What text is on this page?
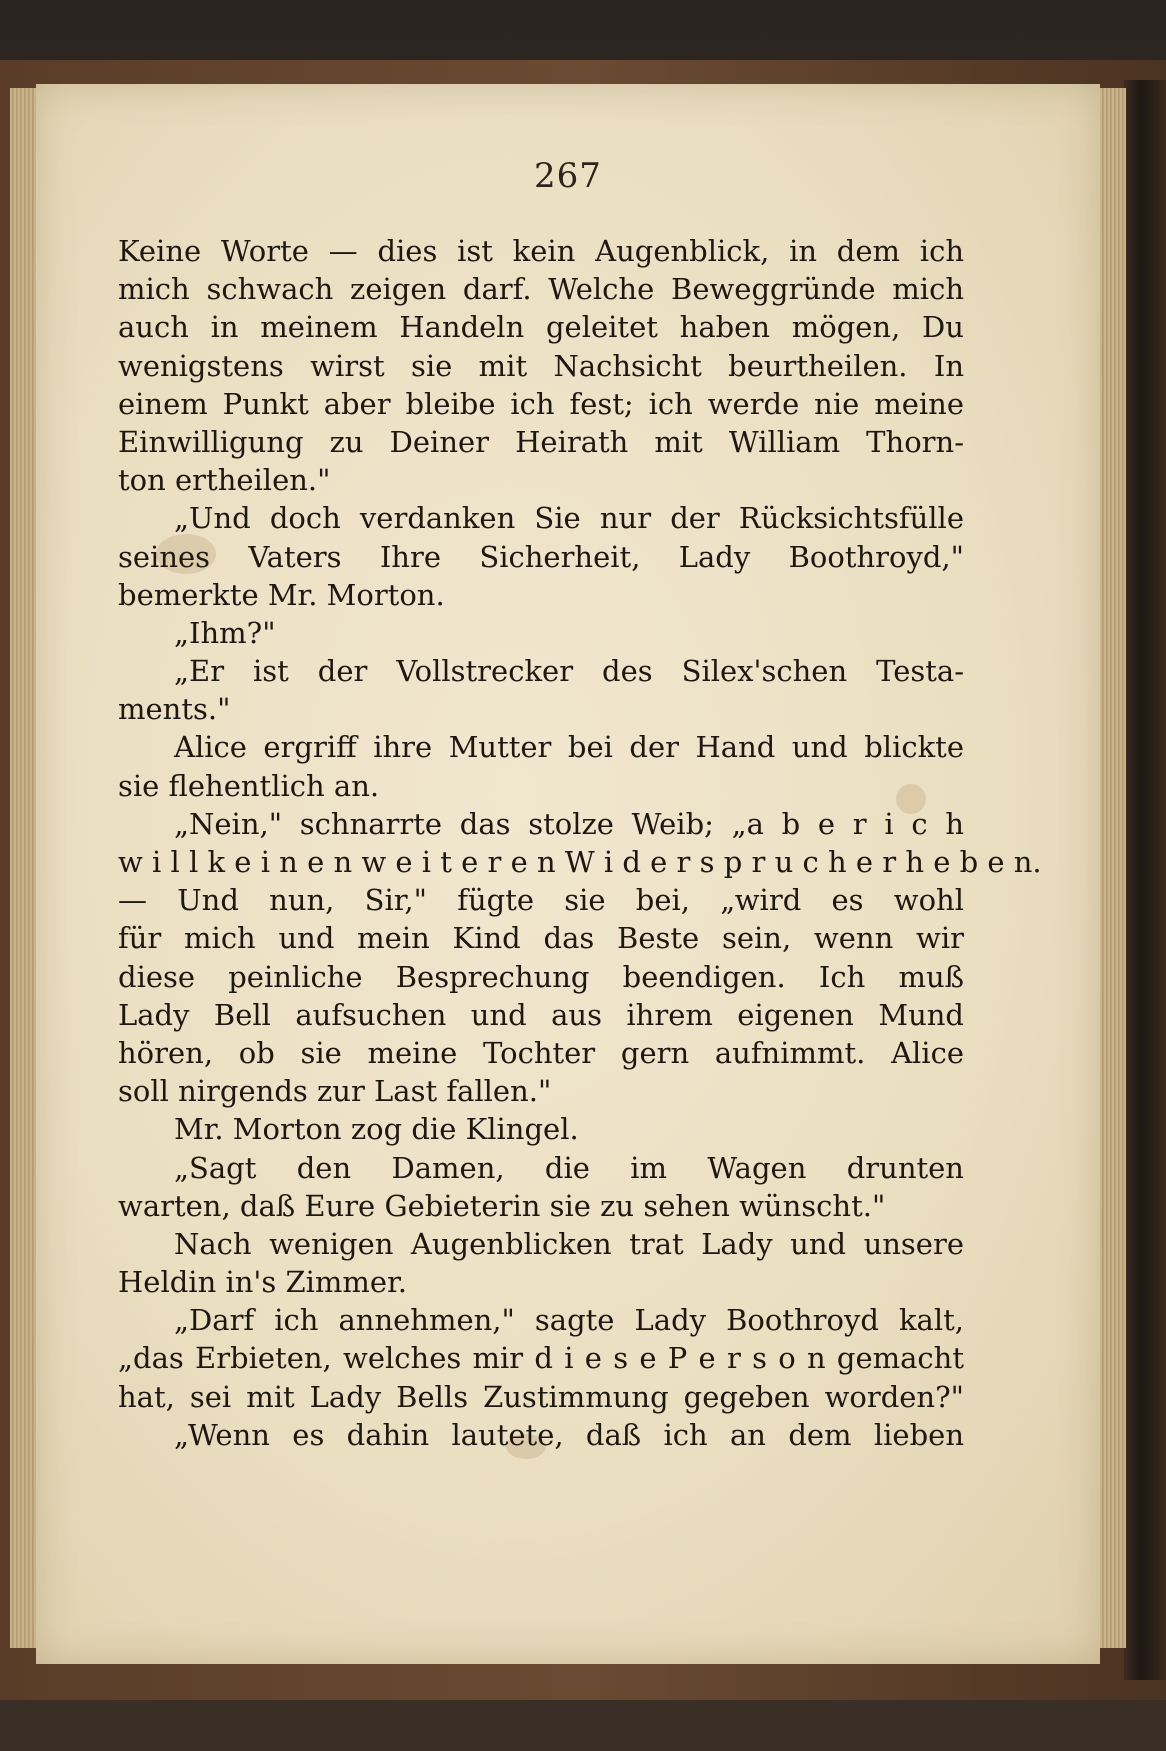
267
Keine Worte — dies ist kein Augenblick, in dem ich
mich schwach zeigen darf. Welche Beweggründe mich
auch in meinem Handeln geleitet haben mögen, Du
wenigstens wirst sie mit Nachsicht beurtheilen. In
einem Punkt aber bleibe ich fest; ich werde nie meine
Einwilligung zu Deiner Heirath mit William Thorn-
ton ertheilen."
„Und doch verdanken Sie nur der Rücksichtsfülle
seines Vaters Ihre Sicherheit, Lady Boothroyd,"
bemerkte Mr. Morton.
„Ihm?"
„Er ist der Vollstrecker des Silex'schen Testa-
ments."
Alice ergriff ihre Mutter bei der Hand und blickte
sie flehentlich an.
„Nein," schnarrte das stolze Weib; „a b e r i c h
w i l l k e i n e n w e i t e r e n W i d e r s p r u c h e r h e b e n.
— Und nun, Sir," fügte sie bei, „wird es wohl
für mich und mein Kind das Beste sein, wenn wir
diese peinliche Besprechung beendigen. Ich muß
Lady Bell aufsuchen und aus ihrem eigenen Mund
hören, ob sie meine Tochter gern aufnimmt. Alice
soll nirgends zur Last fallen."
Mr. Morton zog die Klingel.
„Sagt den Damen, die im Wagen drunten
warten, daß Eure Gebieterin sie zu sehen wünscht."
Nach wenigen Augenblicken trat Lady und unsere
Heldin in's Zimmer.
„Darf ich annehmen," sagte Lady Boothroyd kalt,
„das Erbieten, welches mir d i e s e P e r s o n gemacht
hat, sei mit Lady Bells Zustimmung gegeben worden?"
„Wenn es dahin lautete, daß ich an dem lieben
